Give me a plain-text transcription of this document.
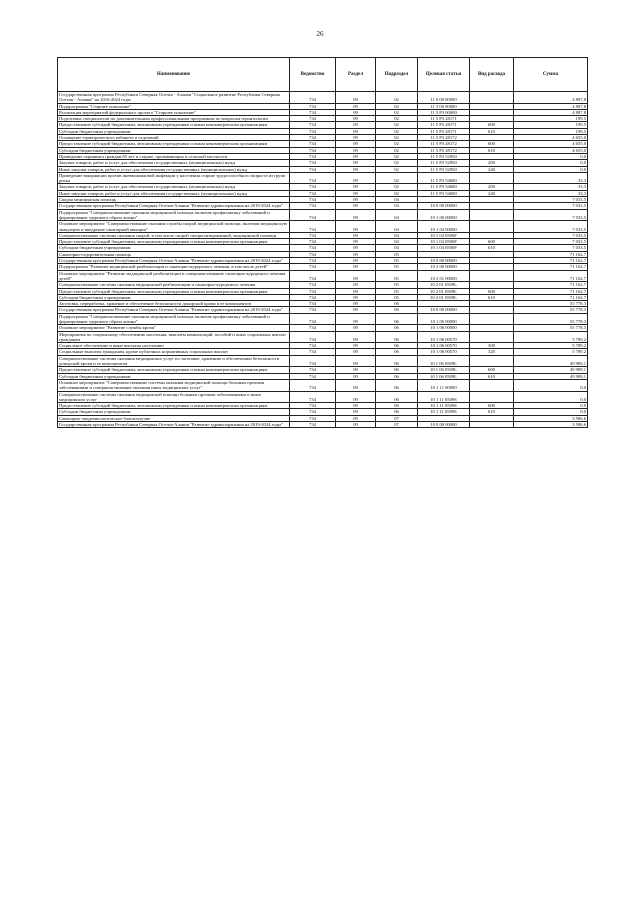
26
Наименование	Ведомство	Раздел	Подраздел	Целевая статья	Вид расхода	Сумма
Государственная программа Республики Северная Осетия - Алания "Социальное развитие Республики Северная Осетия - Алания" на 2016-2024 годы	734	09	02	11 0 00 00000		4 887,8
Подпрограмма "Старшее поколение"	734	09	02	11 5 00 00000		4 887,8
Реализация мероприятий федерального проекта "Старшее поколение"	734	09	02	11 5 P3 00000		4 887,8
Подготовка специалистов по дополнительным профессиональным программам по вопросам геронтологии	734	09	02	11 5 P3 28171		199,5
Предоставление субсидий бюджетным, автономным учреждениям и иным некоммерческим организациям	734	09	02	11 5 P3 28171	600	199,5
Субсидии бюджетным учреждениям	734	09	02	11 5 P3 28171	610	199,5
Оснащение гериатрического кабинета и отделений	734	09	02	11 5 P3 28172		4 655,0
Предоставление субсидий бюджетным, автономным учреждениям и иным некоммерческим организациям	734	09	02	11 5 P3 28172	600	4 655,0
Субсидии бюджетным учреждениям	734	09	02	11 5 P3 28172	610	4 655,0
Проведение скрининга граждан 65 лет и старше, проживающих в сельской местности	734	09	02	11 5 P3 52950		0,0
Закупка товаров, работ и услуг для обеспечения государственных (муниципальных) нужд	734	09	02	11 5 P3 52950	200	0,0
Иные закупки товаров, работ и услуг для обеспечения государственных (муниципальных) нужд	734	09	02	11 5 P3 52950	240	0,0
Проведение вакцинации против пневмококковой инфекции у населения старше трудоспособного возраста из групп риска	734	09	02	11 5 P3 54680		33,3
Закупка товаров, работ и услуг для обеспечения государственных (муниципальных) нужд	734	09	02	11 5 P3 54680	200	33,3
Иные закупки товаров, работ и услуг для обеспечения государственных (муниципальных) нужд	734	09	02	11 5 P3 54680	240	33,3
Скорая медицинская помощь	734	09	04			7 033,5
Государственная программа Республики Северная Осетия-Алания "Развитие здравоохранения на 2019-2024 годы"	734	09	04	10 0 00 00000		7 033,5
Подпрограмма "Совершенствование оказания медицинской помощи, включая профилактику заболеваний и формирование здорового образа жизни"	734	09	04	10 1 00 00000		7 033,5
Основное мероприятие "Совершенствование оказания службы скорой медицинской помощи, включая медицинскую эвакуацию и внедрение санитарной авиации"	734	09	04	10 1 04 00000		7 033,5
Совершенствование системы оказания скорой, в том числе скорой специализированной, медицинской помощи	734	09	04	10 1 04 0506F		7 033,5
Предоставление субсидий бюджетным, автономным учреждениям и иным некоммерческим организациям	734	09	04	10 1 04 0506F	600	7 033,5
Субсидии бюджетным учреждениям	734	09	04	10 1 04 0506F	610	7 033,5
Санаторно-оздоровительная помощь	734	09	05			71 162,7
Государственная программа Республики Северная Осетия-Алания "Развитие здравоохранения на 2019-2024 годы"	734	09	05	10 0 00 00000		71 162,7
Подпрограмма "Развитие медицинской реабилитации и санаторно-курортного лечения, в том числе детей"	734	09	05	10 2 00 00000		71 162,7
Основное мероприятие "Развитие медицинской реабилитации и совершенствование санаторно-курортного лечения детей"	734	09	05	10 2 01 00000		71 162,7
Совершенствование системы оказания медицинской реабилитации и санаторно-курортного лечения	734	09	05	10 2 01 0509L		71 162,7
Предоставление субсидий бюджетным, автономным учреждениям и иным некоммерческим организациям	734	09	05	10 2 01 0509L	600	71 162,7
Субсидии бюджетным учреждениям	734	09	05	10 2 01 0509L	610	71 162,7
Заготовка, переработка, хранение и обеспечение безопасности донорской крови и ее компонентов	734	09	06			55 778,3
Государственная программа Республики Северная Осетия-Алания "Развитие здравоохранения на 2019-2024 годы"	734	09	06	10 0 00 00000		55 778,3
Подпрограмма "Совершенствование оказания медицинской помощи, включая профилактику заболеваний и формирование здорового образа жизни"	734	09	06	10 1 00 00000		55 778,3
Основное мероприятие "Развитие службы крови"	734	09	06	10 1 06 00000		55 778,3
Мероприятия по социальному обеспечению населения, выплаты компенсаций, пособий и иных социальных выплат гражданам	734	09	06	10 1 06 00570		5 789,2
Социальное обеспечение и иные выплаты населению	734	09	06	10 1 06 00570	300	5 789,2
Социальные выплаты гражданам, кроме публичных нормативных социальных выплат	734	09	06	10 1 06 00570	320	5 789,2
Совершенствование системы оказания медицинских услуг по заготовке, хранению и обеспечению безопасности донорской крови и ее компонентов	734	09	06	10 1 06 0509L		49 989,1
Предоставление субсидий бюджетным, автономным учреждениям и иным некоммерческим организациям	734	09	06	10 1 06 0509L	600	49 989,1
Субсидии бюджетным учреждениям	734	09	06	10 1 06 0509L	610	49 989,1
Основное мероприятие "Совершенствование системы оказания медицинской помощи больным прочими заболеваниями и совершенствование оказания иных медицинских услуг"	734	09	06	10 1 11 00000		0,0
Совершенствование системы оказания медицинской помощи больным прочими заболеваниями и иных медицинских услуг	734	09	06	10 1 11 0509S		0,0
Предоставление субсидий бюджетным, автономным учреждениям и иным некоммерческим организациям	734	09	06	10 1 11 0509S	600	0,0
Субсидии бюджетным учреждениям	734	09	06	10 1 11 0509S	610	0,0
Санитарно-эпидемиологическое благополучие	734	09	07			3 586,6
Государственная программа Республики Северная Осетия-Алания "Развитие здравоохранения на 2019-2024 годы"	734	09	07	10 0 00 00000		3 586,6
